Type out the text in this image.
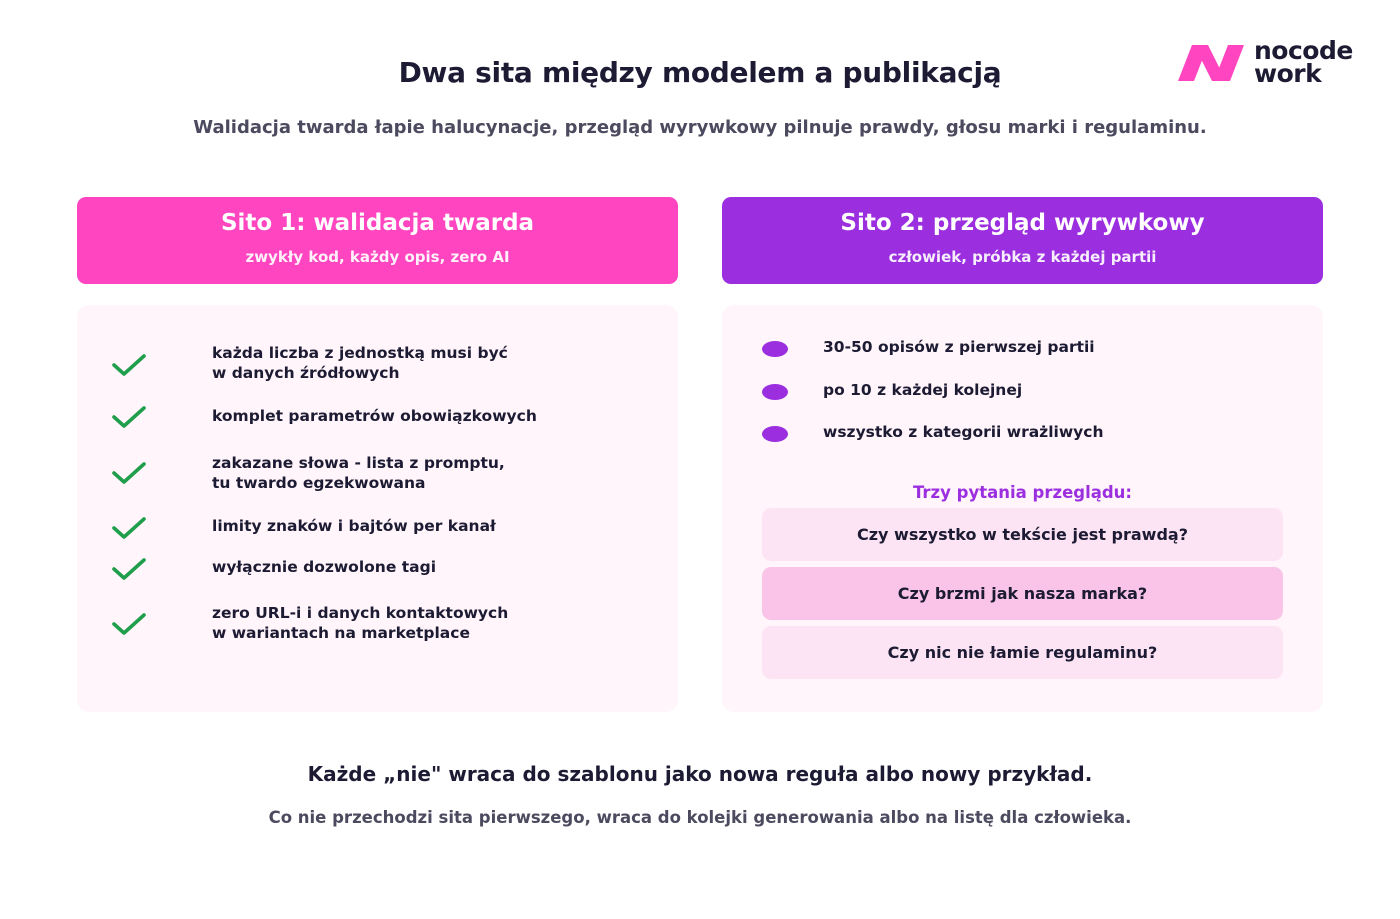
nocode
work
Dwa sita między modelem a publikacją

Walidacja twarda łapie halucynacje, przegląd wyrywkowy pilnuje prawdy, głosu marki i regulaminu.

Sito 1: walidacja twarda
zwykły kod, każdy opis, zero AI
Sito 2: przegląd wyrywkowy
człowiek, próbka z każdej partii
każda liczba z jednostką musi być
w danych źródłowych
komplet parametrów obowiązkowych
zakazane słowa - lista z promptu,
tu twardo egzekwowana
limity znaków i bajtów per kanał
wyłącznie dozwolone tagi
zero URL-i i danych kontaktowych
w wariantach na marketplace
30-50 opisów z pierwszej partii
po 10 z każdej kolejnej
wszystko z kategorii wrażliwych
Trzy pytania przeglądu:
Czy wszystko w tekście jest prawdą?
Czy brzmi jak nasza marka?
Czy nic nie łamie regulaminu?

Każde „nie" wraca do szablonu jako nowa reguła albo nowy przykład.

Co nie przechodzi sita pierwszego, wraca do kolejki generowania albo na listę dla człowieka.
